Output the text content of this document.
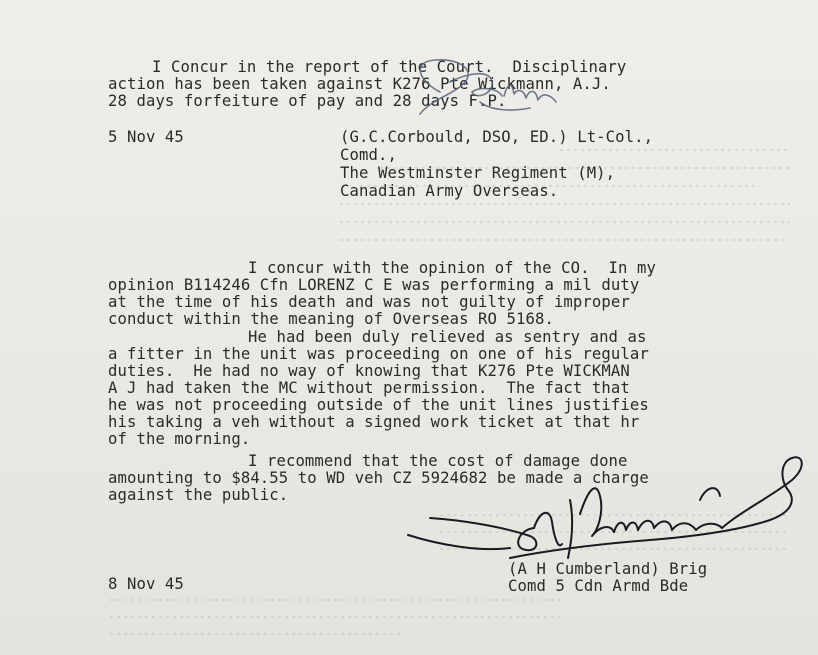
I Concur in the report of the Court.  Disciplinary
action has been taken against K276 Pte Wickmann, A.J.
28 days forfeiture of pay and 28 days F.P.
5 Nov 45	(G.C.Corbould, DSO, ED.) Lt-Col.,
Comd.,
The Westminster Regiment (M),
Canadian Army Overseas.
I concur with the opinion of the CO.  In my
opinion B114246 Cfn LORENZ C E was performing a mil duty
at the time of his death and was not guilty of improper
conduct within the meaning of Overseas RO 5168.
He had been duly relieved as sentry and as
a fitter in the unit was proceeding on one of his regular
duties.  He had no way of knowing that K276 Pte WICKMAN
A J had taken the MC without permission.  The fact that
he was not proceeding outside of the unit lines justifies
his taking a veh without a signed work ticket at that hr
of the morning.
I recommend that the cost of damage done
amounting to $84.55 to WD veh CZ 5924682 be made a charge
against the public.
(A H Cumberland) Brig
Comd 5 Cdn Armd Bde
8 Nov 45
